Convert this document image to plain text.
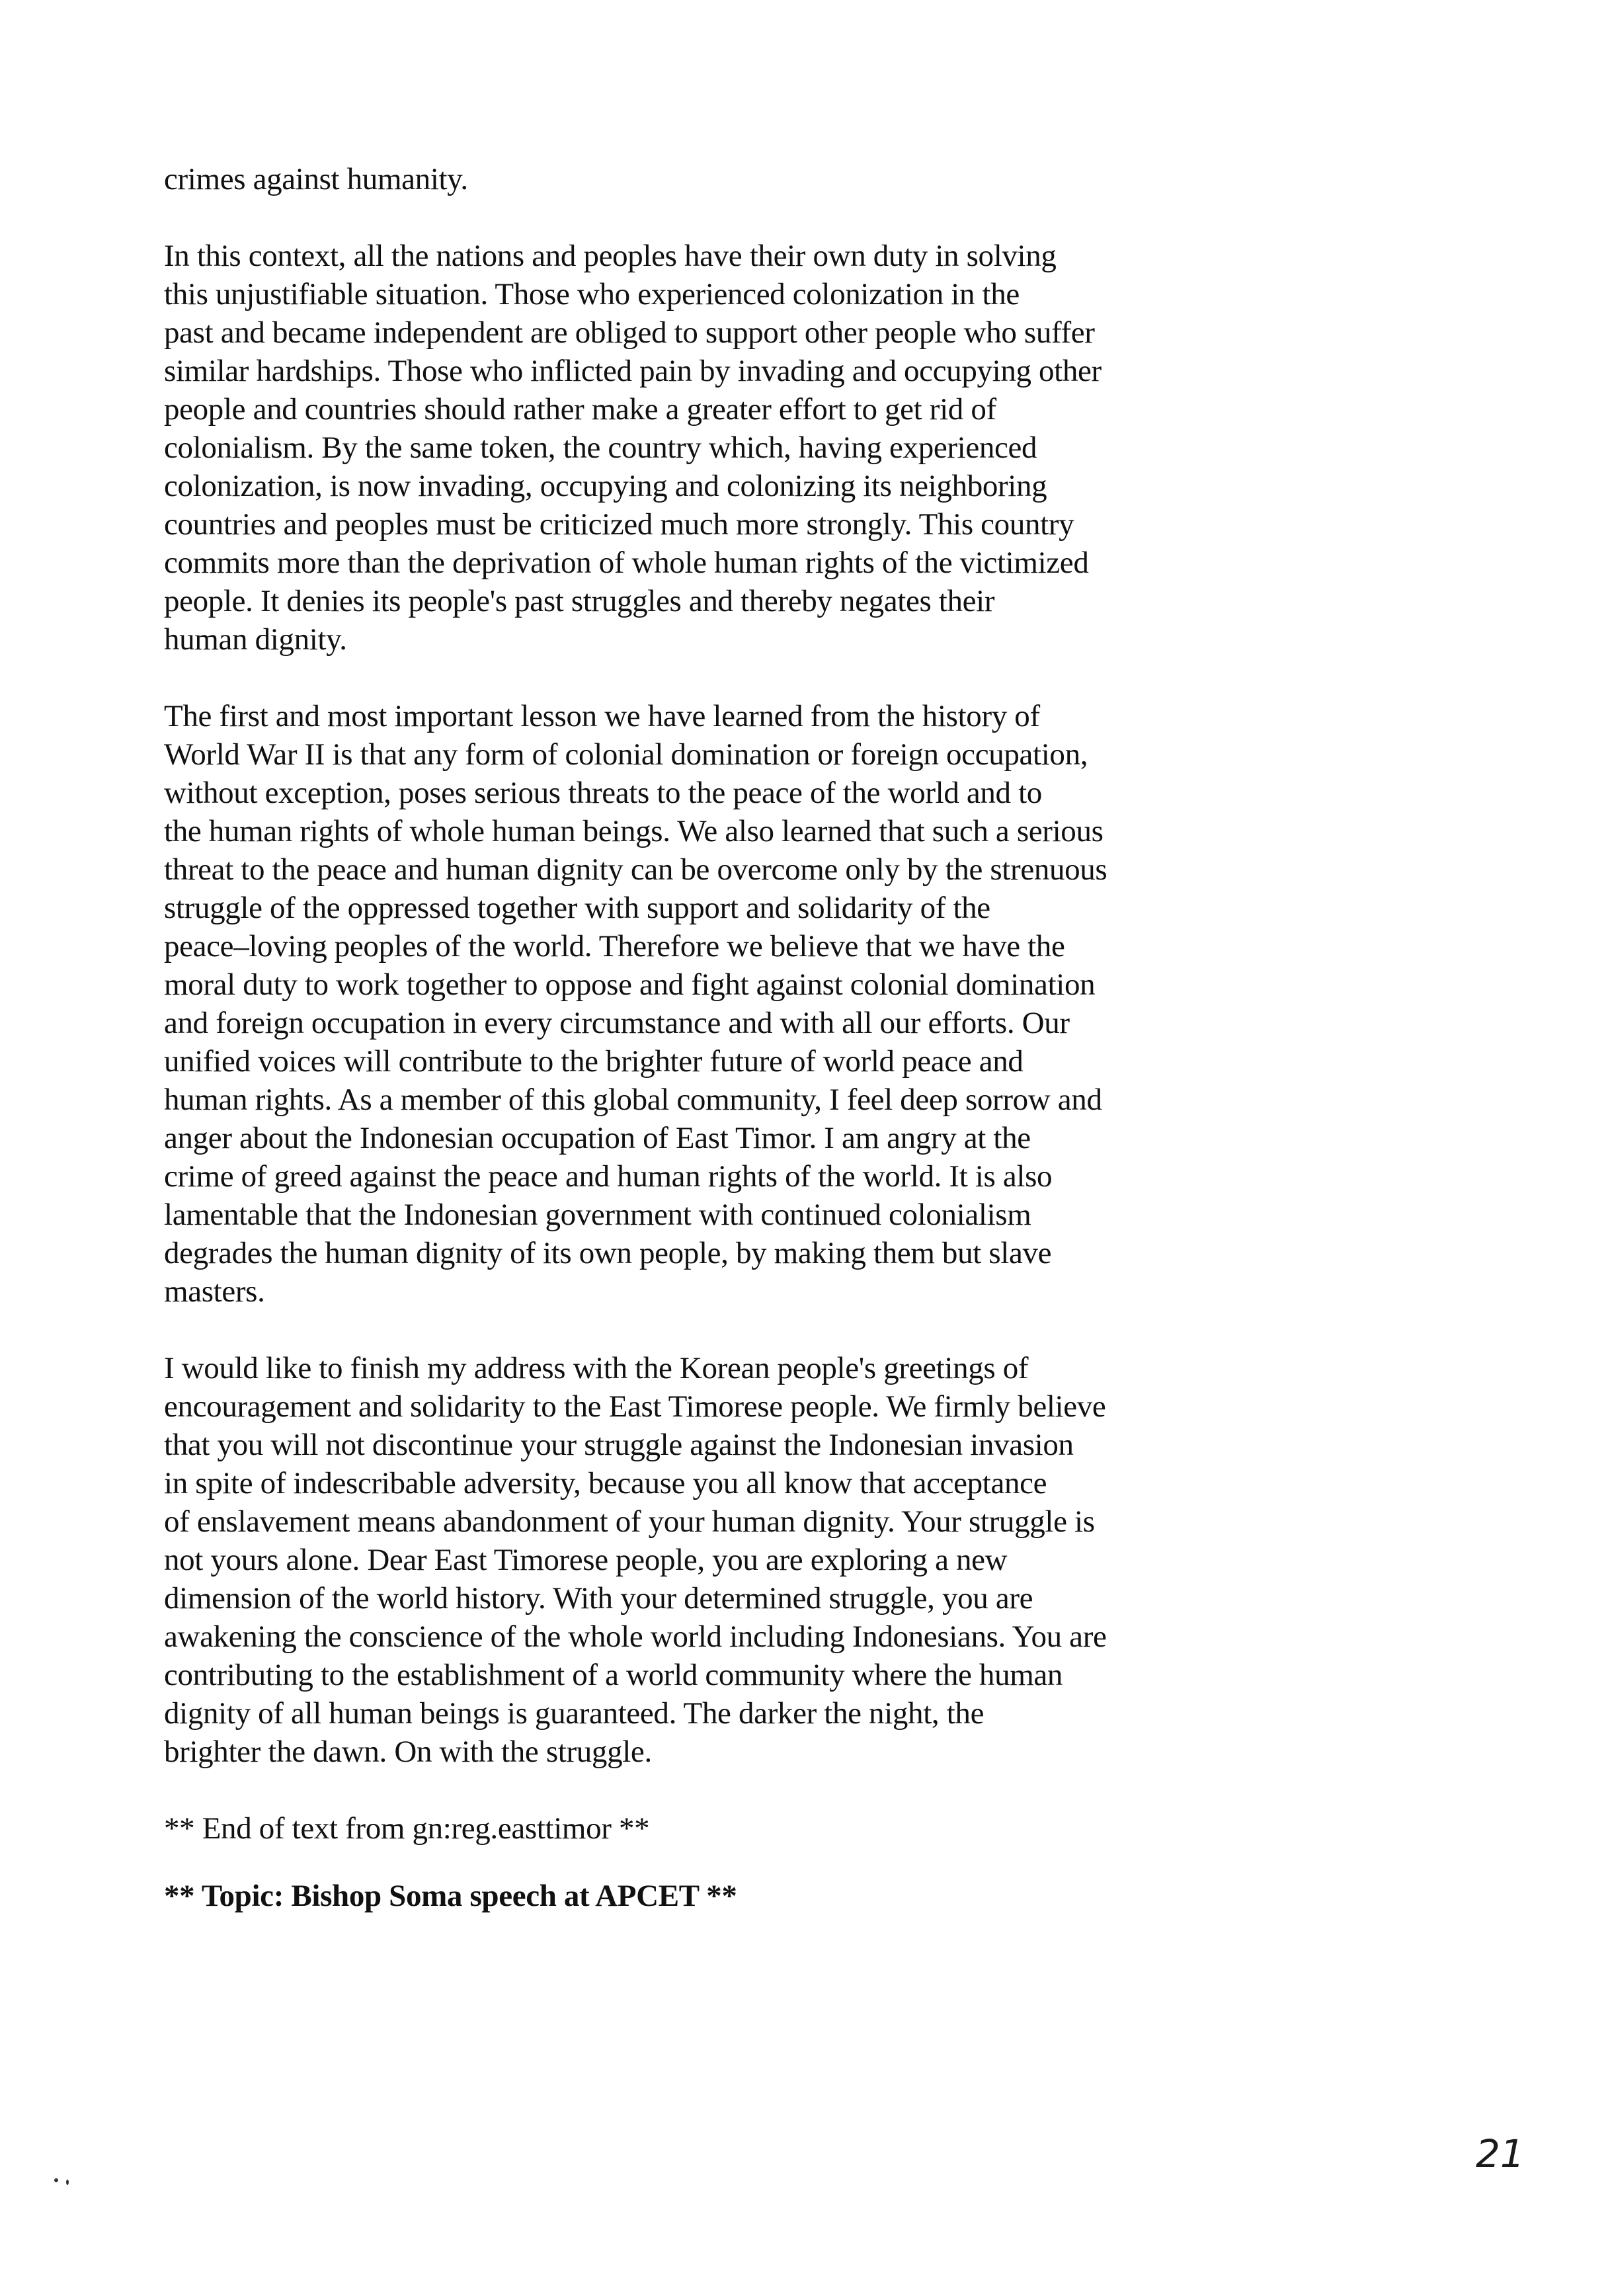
crimes against humanity.

In this context, all the nations and peoples have their own duty in solving
this unjustifiable situation. Those who experienced colonization in the
past and became independent are obliged to support other people who suffer
similar hardships. Those who inflicted pain by invading and occupying other
people and countries should rather make a greater effort to get rid of
colonialism. By the same token, the country which, having experienced
colonization, is now invading, occupying and colonizing its neighboring
countries and peoples must be criticized much more strongly. This country
commits more than the deprivation of whole human rights of the victimized
people. It denies its people's past struggles and thereby negates their
human dignity.

The first and most important lesson we have learned from the history of
World War II is that any form of colonial domination or foreign occupation,
without exception, poses serious threats to the peace of the world and to
the human rights of whole human beings. We also learned that such a serious
threat to the peace and human dignity can be overcome only by the strenuous
struggle of the oppressed together with support and solidarity of the
peace–loving peoples of the world. Therefore we believe that we have the
moral duty to work together to oppose and fight against colonial domination
and foreign occupation in every circumstance and with all our efforts. Our
unified voices will contribute to the brighter future of world peace and
human rights. As a member of this global community, I feel deep sorrow and
anger about the Indonesian occupation of East Timor. I am angry at the
crime of greed against the peace and human rights of the world. It is also
lamentable that the Indonesian government with continued colonialism
degrades the human dignity of its own people, by making them but slave
masters.

I would like to finish my address with the Korean people's greetings of
encouragement and solidarity to the East Timorese people. We firmly believe
that you will not discontinue your struggle against the Indonesian invasion
in spite of indescribable adversity, because you all know that acceptance
of enslavement means abandonment of your human dignity. Your struggle is
not yours alone. Dear East Timorese people, you are exploring a new
dimension of the world history. With your determined struggle, you are
awakening the conscience of the whole world including Indonesians. You are
contributing to the establishment of a world community where the human
dignity of all human beings is guaranteed. The darker the night, the
brighter the dawn. On with the struggle.

** End of text from gn:reg.easttimor **

** Topic: Bishop Soma speech at APCET **

21
